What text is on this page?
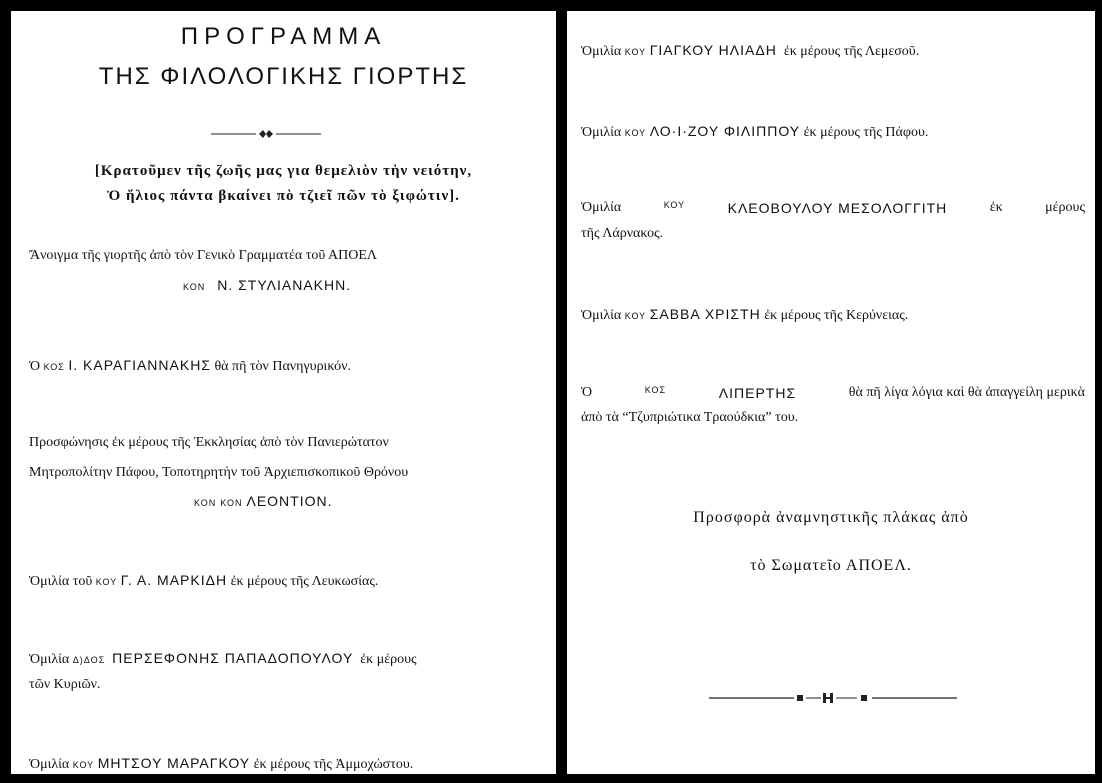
ΠΡΟΓΡΑΜΜΑ
ΤΗΣ ΦΙΛΟΛΟΓΙΚΗΣ ΓΙΟΡΤΗΣ
[Κρατοῦμεν τῆς ζωῆς μας για θεμελιὸν τὴν νειότην,
Ὁ ἥλιος πάντα βκαίνει πὸ τζιεῖ πῶν τὸ ξιφώτιν].
Ἄνοιγμα τῆς γιορτῆς ἀπὸ τὸν Γενικὸ Γραμματέα τοῦ ΑΠΟΕΛ
ΚΟΝ Ν. ΣΤΥΛΙΑΝΑΚΗΝ.
Ὁ ΚΟΣ Ι. ΚΑΡΑΓΙΑΝΝΑΚΗΣ θὰ πῆ τὸν Πανηγυρικόν.
Προσφώνησις ἐκ μέρους τῆς Ἐκκλησίας ἀπὸ τὸν Πανιερώτατον
Μητροπολίτην Πάφου, Τοποτηρητὴν τοῦ Ἀρχιεπισκοπικοῦ Θρόνου
ΚΟΝ ΚΟΝ ΛΕΟΝΤΙΟΝ.
Ὁμιλία τοῦ ΚΟΥ Γ. Α. ΜΑΡΚΙΔΗ ἐκ μέρους τῆς Λευκωσίας.
Ὁμιλία Δ)ΔΟΣ ΠΕΡΣΕΦΟΝΗΣ ΠΑΠΑΔΟΠΟΥΛΟΥ ἐκ μέρους
τῶν Κυριῶν.
Ὁμιλία ΚΟΥ ΜΗΤΣΟΥ ΜΑΡΑΓΚΟΥ ἐκ μέρους τῆς Ἀμμοχώστου.
Ὁμιλία ΚΟΥ ΓΙΑΓΚΟΥ ΗΛΙΑΔΗ ἐκ μέρους τῆς Λεμεσοῦ.
Ὁμιλία ΚΟΥ ΛΟ·Ι·ΖΟΥ ΦΙΛΙΠΠΟΥ ἐκ μέρους τῆς Πάφου.
Ὁμιλία	ΚΟΥ	ΚΛΕΟΒΟΥΛΟΥ ΜΕΣΟΛΟΓΓΙΤΗ	ἐκ	μέρους
τῆς Λάρνακος.
Ὁμιλία ΚΟΥ ΣΑΒΒΑ ΧΡΙΣΤΗ ἐκ μέρους τῆς Κερύνειας.
Ὁ	ΚΟΣ	ΛΙΠΕΡΤΗΣ	θὰ πῆ λίγα λόγια καὶ θὰ ἀπαγγείλη μερικὰ
ἀπὸ τὰ “Τζυπριώτικα Τραούδκια” του.
Προσφορὰ ἀναμνηστικῆς πλάκας ἀπὸ
τὸ Σωματεῖο ΑΠΟΕΛ.
